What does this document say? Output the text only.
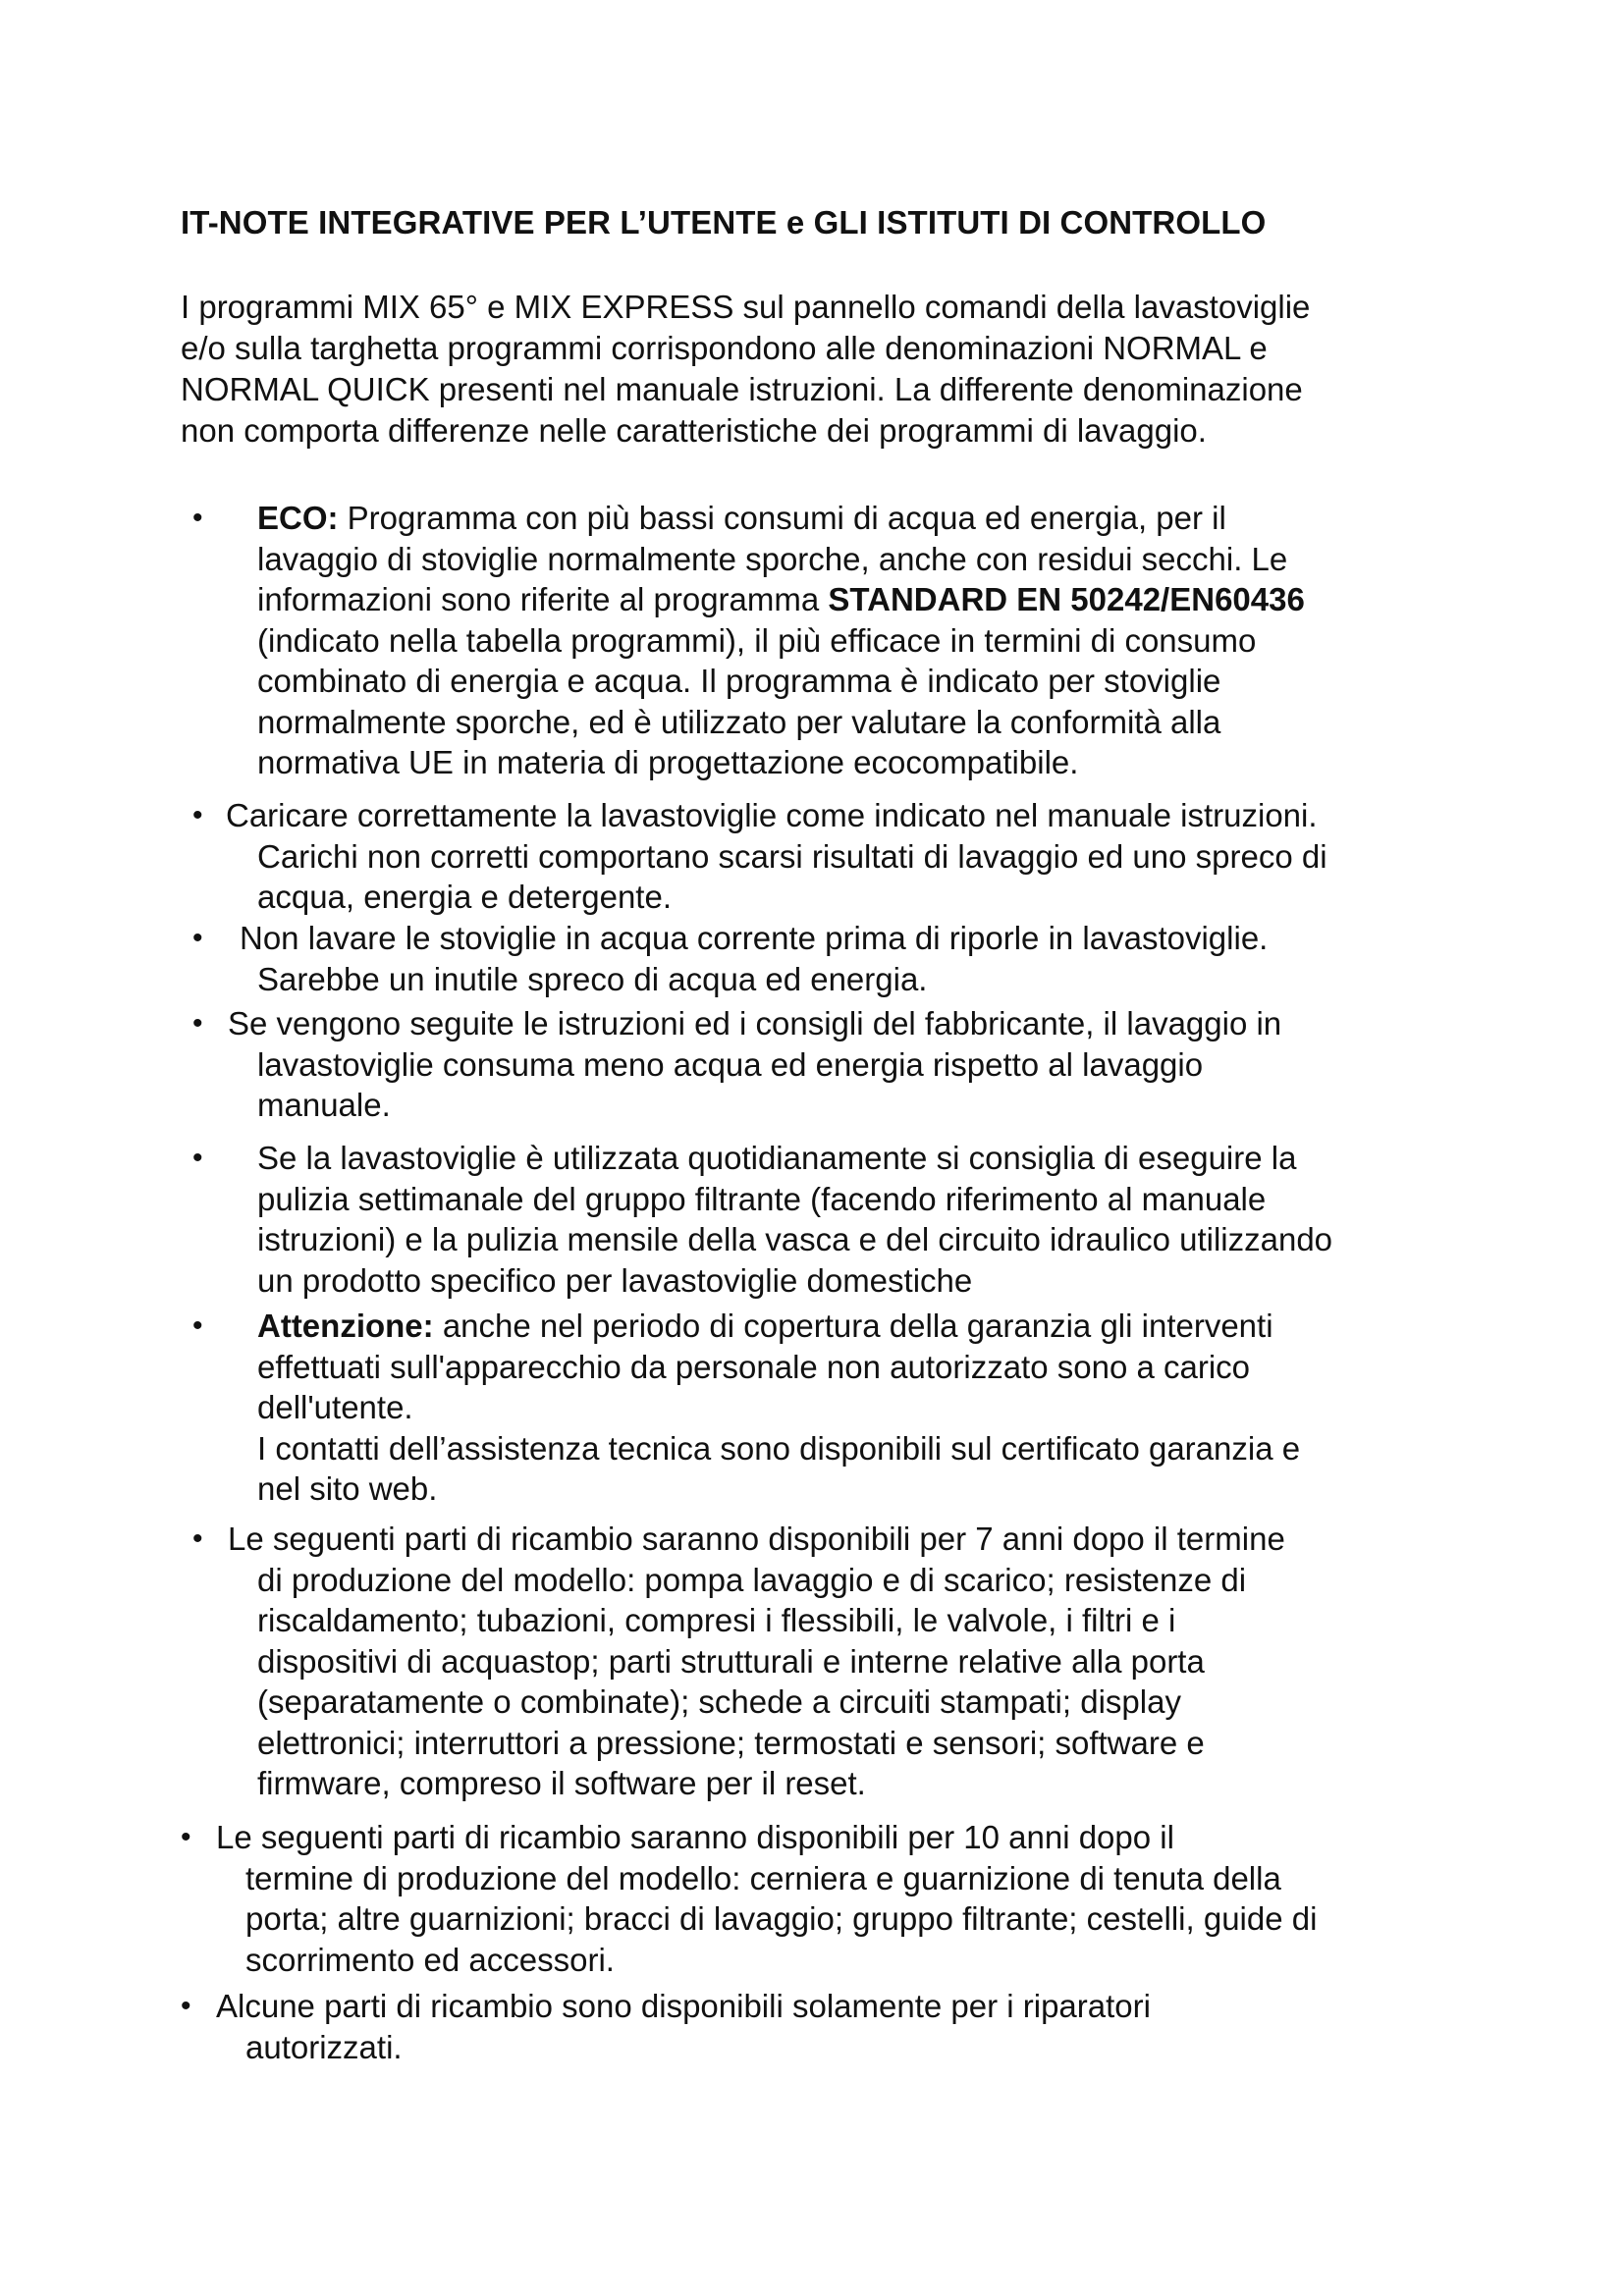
IT-NOTE INTEGRATIVE PER L’UTENTE e GLI ISTITUTI DI CONTROLLO
I programmi MIX 65° e MIX EXPRESS sul pannello comandi della lavastoviglie
e/o sulla targhetta programmi corrispondono alle denominazioni NORMAL e
NORMAL QUICK presenti nel manuale istruzioni. La differente denominazione
non comporta differenze nelle caratteristiche dei programmi di lavaggio.
• ECO: Programma con più bassi consumi di acqua ed energia, per il
lavaggio di stoviglie normalmente sporche, anche con residui secchi. Le
informazioni sono riferite al programma STANDARD EN 50242/EN60436
(indicato nella tabella programmi), il più efficace in termini di consumo
combinato di energia e acqua. Il programma è indicato per stoviglie
normalmente sporche, ed è utilizzato per valutare la conformità alla
normativa UE in materia di progettazione ecocompatibile.
• Caricare correttamente la lavastoviglie come indicato nel manuale istruzioni.
Carichi non corretti comportano scarsi risultati di lavaggio ed uno spreco di
acqua, energia e detergente.
• Non lavare le stoviglie in acqua corrente prima di riporle in lavastoviglie.
Sarebbe un inutile spreco di acqua ed energia.
• Se vengono seguite le istruzioni ed i consigli del fabbricante, il lavaggio in
lavastoviglie consuma meno acqua ed energia rispetto al lavaggio
manuale.
• Se la lavastoviglie è utilizzata quotidianamente si consiglia di eseguire la
pulizia settimanale del gruppo filtrante (facendo riferimento al manuale
istruzioni) e la pulizia mensile della vasca e del circuito idraulico utilizzando
un prodotto specifico per lavastoviglie domestiche
• Attenzione: anche nel periodo di copertura della garanzia gli interventi
effettuati sull'apparecchio da personale non autorizzato sono a carico
dell'utente.
I contatti dell’assistenza tecnica sono disponibili sul certificato garanzia e
nel sito web.
• Le seguenti parti di ricambio saranno disponibili per 7 anni dopo il termine
di produzione del modello: pompa lavaggio e di scarico; resistenze di
riscaldamento; tubazioni, compresi i flessibili, le valvole, i filtri e i
dispositivi di acquastop; parti strutturali e interne relative alla porta
(separatamente o combinate); schede a circuiti stampati; display
elettronici; interruttori a pressione; termostati e sensori; software e
firmware, compreso il software per il reset.
• Le seguenti parti di ricambio saranno disponibili per 10 anni dopo il
termine di produzione del modello: cerniera e guarnizione di tenuta della
porta; altre guarnizioni; bracci di lavaggio; gruppo filtrante; cestelli, guide di
scorrimento ed accessori.
• Alcune parti di ricambio sono disponibili solamente per i riparatori
autorizzati.
